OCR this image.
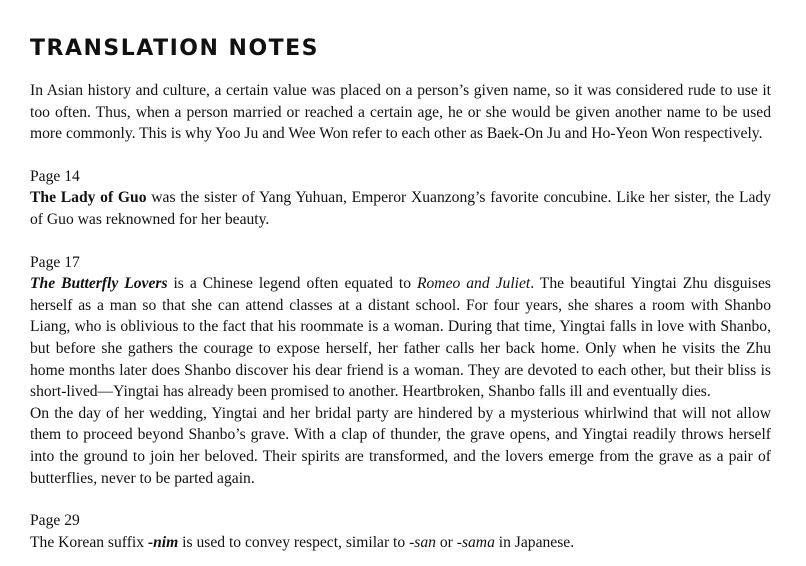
TRANSLATION NOTES

In Asian history and culture, a certain value was placed on a person’s given name, so it was considered rude to use it too often. Thus, when a person married or reached a certain age, he or she would be given another name to be used more commonly. This is why Yoo Ju and Wee Won refer to each other as Baek-On Ju and Ho-Yeon Won respectively.

Page 14

The Lady of Guo was the sister of Yang Yuhuan, Emperor Xuanzong’s favorite concubine. Like her sister, the Lady of Guo was reknowned for her beauty.

Page 17

The Butterfly Lovers is a Chinese legend often equated to Romeo and Juliet. The beautiful Yingtai Zhu disguises herself as a man so that she can attend classes at a distant school. For four years, she shares a room with Shanbo Liang, who is oblivious to the fact that his roommate is a woman. During that time, Yingtai falls in love with Shanbo, but before she gathers the courage to expose herself, her father calls her back home. Only when he visits the Zhu home months later does Shanbo discover his dear friend is a woman. They are devoted to each other, but their bliss is short-lived—Yingtai has already been promised to another. Heartbroken, Shanbo falls ill and eventually dies.

On the day of her wedding, Yingtai and her bridal party are hindered by a mysterious whirlwind that will not allow them to proceed beyond Shanbo’s grave. With a clap of thunder, the grave opens, and Yingtai readily throws herself into the ground to join her beloved. Their spirits are transformed, and the lovers emerge from the grave as a pair of butterflies, never to be parted again.

Page 29

The Korean suffix -nim is used to convey respect, similar to -san or -sama in Japanese.
